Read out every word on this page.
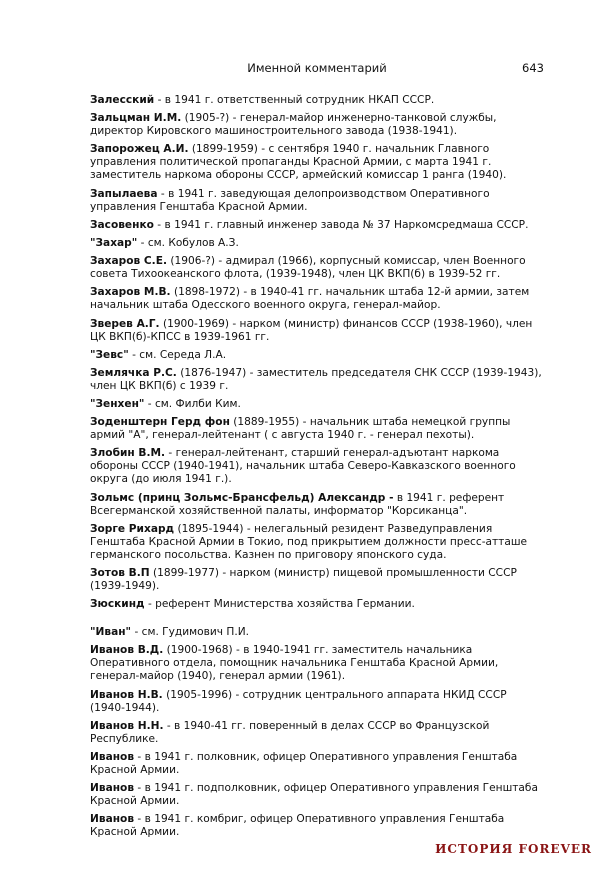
Именной комментарий	643

Залесский - в 1941 г. ответственный сотрудник НКАП СССР.

Зальцман И.М. (1905-?) - генерал-майор инженерно-танковой службы, директор Кировского машиностроительного завода (1938-1941).

Запорожец А.И. (1899-1959) - с сентября 1940 г. начальник Главного управления политической пропаганды Красной Армии, с марта 1941 г. заместитель наркома обороны СССР, армейский комиссар 1 ранга (1940).

Запылаева - в 1941 г. заведующая делопроизводством Оперативного управления Генштаба Красной Армии.

Засовенко - в 1941 г. главный инженер завода № 37 Наркомсредмаша СССР.

"Захар" - см. Кобулов А.З.

Захаров С.Е. (1906-?) - адмирал (1966), корпусный комиссар, член Военного совета Тихоокеанского флота, (1939-1948), член ЦК ВКП(б) в 1939-52 гг.

Захаров М.В. (1898-1972) - в 1940-41 гг. начальник штаба 12-й армии, затем начальник штаба Одесского военного округа, генерал-майор.

Зверев А.Г. (1900-1969) - нарком (министр) финансов СССР (1938-1960), член ЦК ВКП(б)-КПСС в 1939-1961 гг.

"Зевс" - см. Середа Л.А.

Землячка Р.С. (1876-1947) - заместитель председателя СНК СССР (1939-1943), член ЦК ВКП(б) с 1939 г.

"Зенхен" - см. Филби Ким.

Зоденштерн Герд фон (1889-1955) - начальник штаба немецкой группы армий "А", генерал-лейтенант ( с августа 1940 г. - генерал пехоты).

Злобин В.М. - генерал-лейтенант, старший генерал-адъютант наркома обороны СССР (1940-1941), начальник штаба Северо-Кавказского военного округа (до июля 1941 г.).

Зольмс (принц Зольмс-Брансфельд) Александр - в 1941 г. референт Всегерманской хозяйственной палаты, информатор "Корсиканца".

Зорге Рихард (1895-1944) - нелегальный резидент Разведуправления Генштаба Красной Армии в Токио, под прикрытием должности пресс-атташе германского посольства. Казнен по приговору японского суда.

Зотов В.П (1899-1977) - нарком (министр) пищевой промышленности СССР (1939-1949).

Зюскинд - референт Министерства хозяйства Германии.

"Иван" - см. Гудимович П.И.

Иванов В.Д. (1900-1968) - в 1940-1941 гг. заместитель начальника Оперативного отдела, помощник начальника Генштаба Красной Армии, генерал-майор (1940), генерал армии (1961).

Иванов Н.В. (1905-1996) - сотрудник центрального аппарата НКИД СССР (1940-1944).

Иванов Н.Н. - в 1940-41 гг. поверенный в делах СССР во Французской Республике.

Иванов - в 1941 г. полковник, офицер Оперативного управления Генштаба Красной Армии.

Иванов - в 1941 г. подполковник, офицер Оперативного управления Генштаба Красной Армии.

Иванов - в 1941 г. комбриг, офицер Оперативного управления Генштаба Красной Армии.

ИСТОРИЯ FOREVER
